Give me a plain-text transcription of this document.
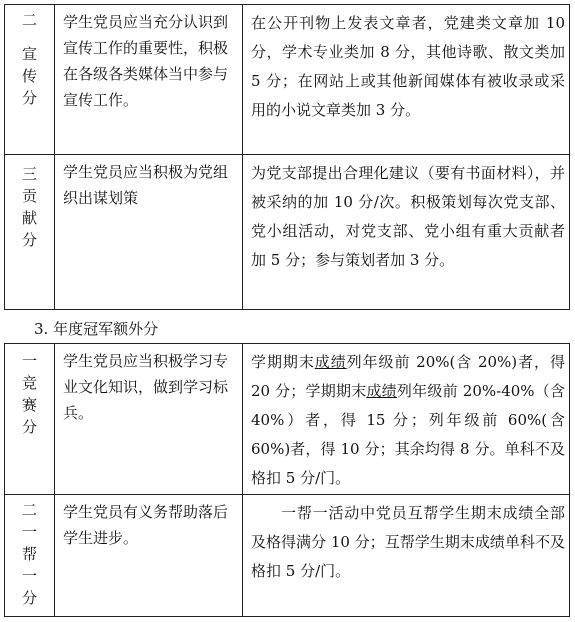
二
宣
传
分	学生党员应当充分认识到宣传工作的重要性，积极在各级各类媒体当中参与宣传工作。	在公开刊物上发表文章者，党建类文章加 10 分，学术专业类加 8 分，其他诗歌、散文类加 5 分；在网站上或其他新闻媒体有被收录或采用的小说文章类加 3 分。

三
贡
献
分	学生党员应当积极为党组织出谋划策	为党支部提出合理化建议（要有书面材料），并被采纳的加 10 分/次。积极策划每次党支部、党小组活动，对党支部、党小组有重大贡献者加 5 分；参与策划者加 3 分。
3. 年度冠军额外分
一
竞
赛
分	学生党员应当积极学习专业文化知识，做到学习标兵。	学期期末成绩列年级前 20%(含 20%)者，得 20 分；学期期末成绩列年级前 20%-40%（含 40%）者，得 15 分；列年级前 60%(含 60%)者，得 10 分；其余均得 8 分。单科不及格扣 5 分/门。

二
一
帮
一
分	学生党员有义务帮助落后学生进步。	一帮一活动中党员互帮学生期末成绩全部及格得满分 10 分；互帮学生期末成绩单科不及格扣 5 分/门。
